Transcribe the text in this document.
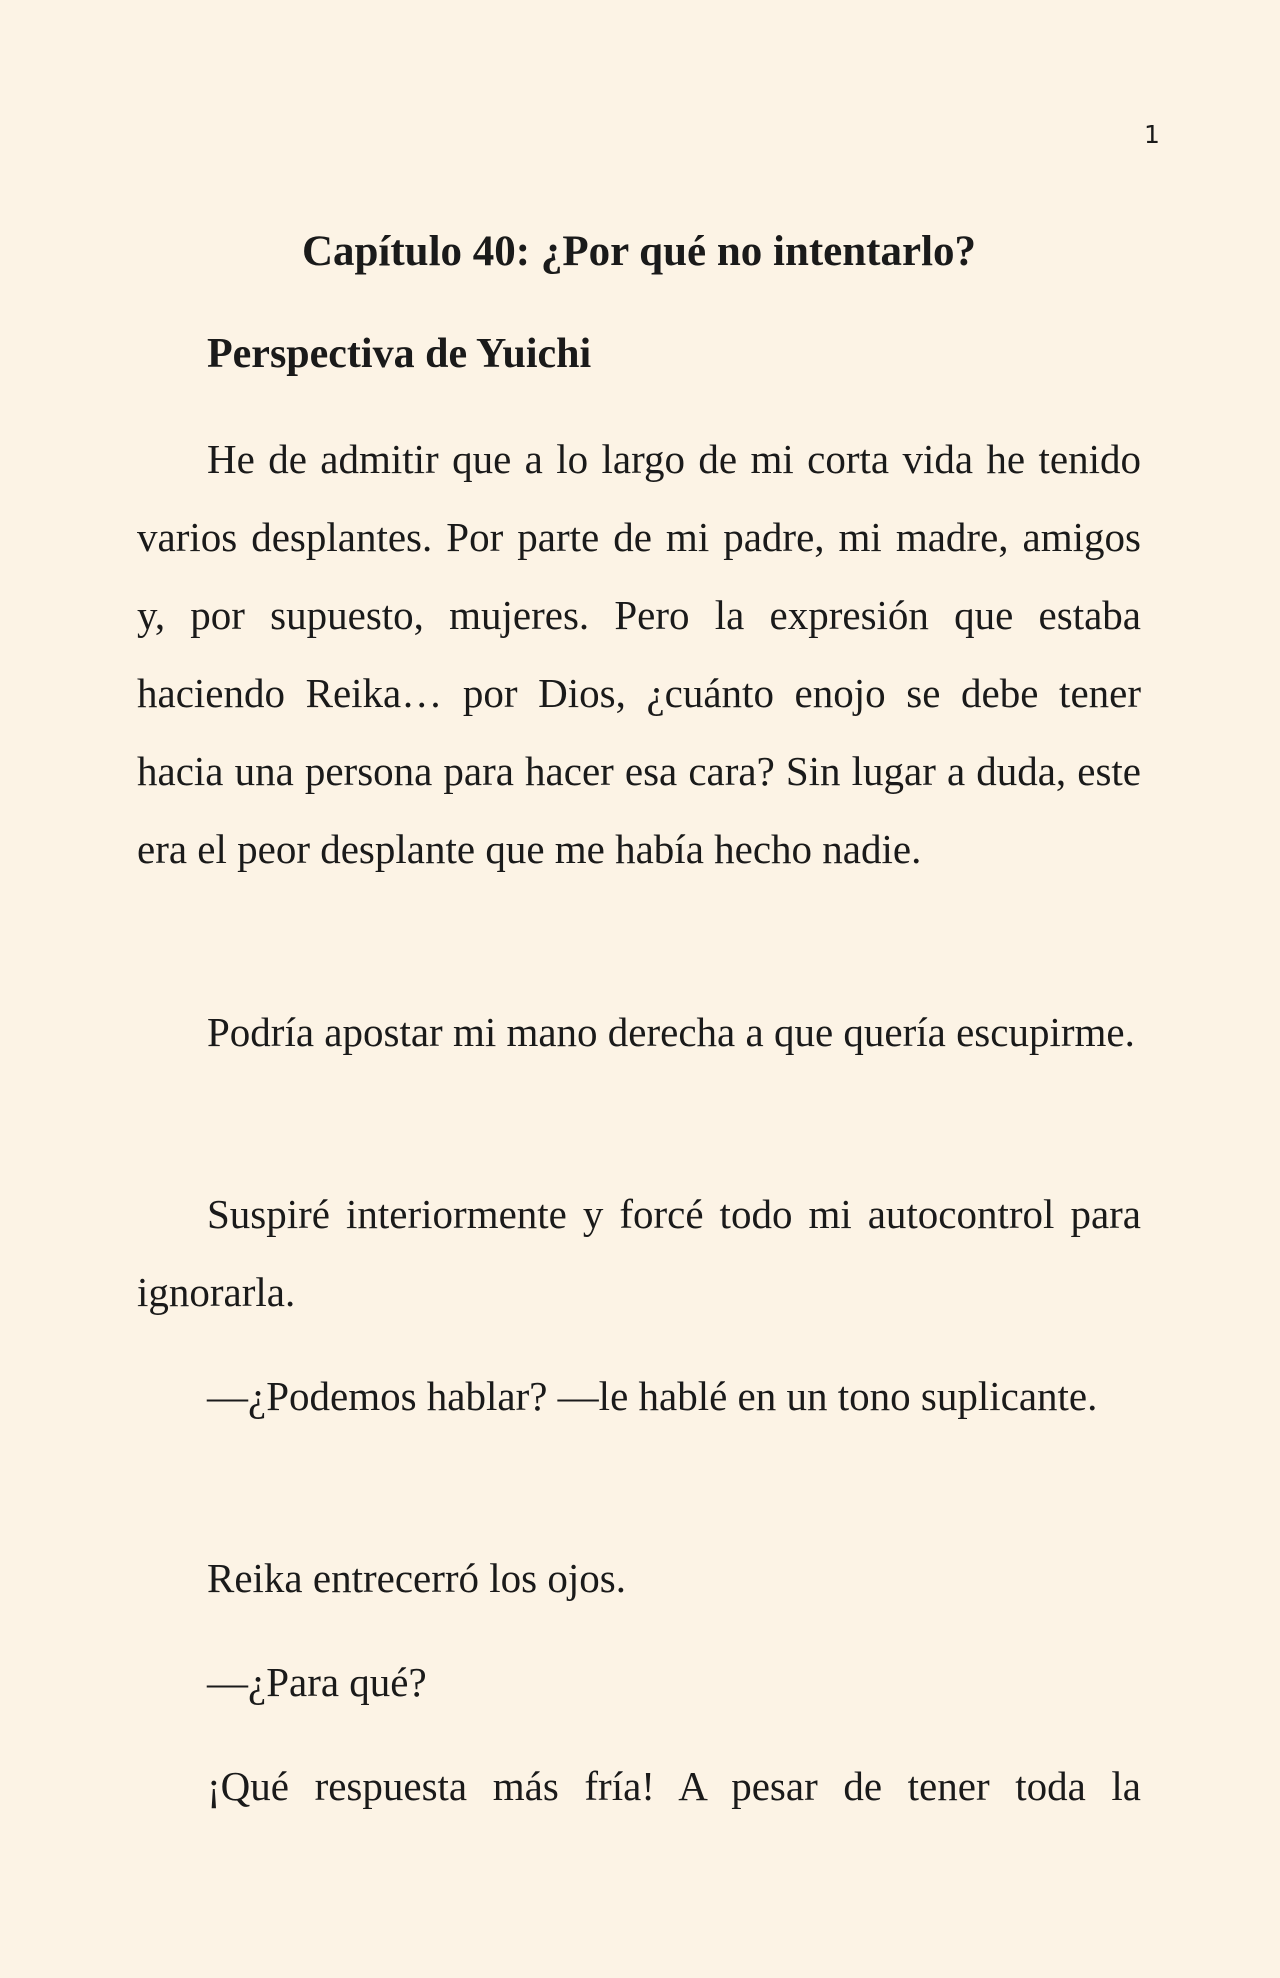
1
Capítulo 40: ¿Por qué no intentarlo?
Perspectiva de Yuichi

He de admitir que a lo largo de mi corta vida he tenido varios desplantes. Por parte de mi padre, mi madre, amigos y, por supuesto, mujeres. Pero la expresión que estaba haciendo Reika… por Dios, ¿cuánto enojo se debe tener hacia una persona para hacer esa cara? Sin lugar a duda, este era el peor desplante que me había hecho nadie.

Podría apostar mi mano derecha a que quería escupirme.

Suspiré interiormente y forcé todo mi autocontrol para ignorarla.

—¿Podemos hablar? —le hablé en un tono suplicante.

Reika entrecerró los ojos.

—¿Para qué?

¡Qué respuesta más fría! A pesar de tener toda la
